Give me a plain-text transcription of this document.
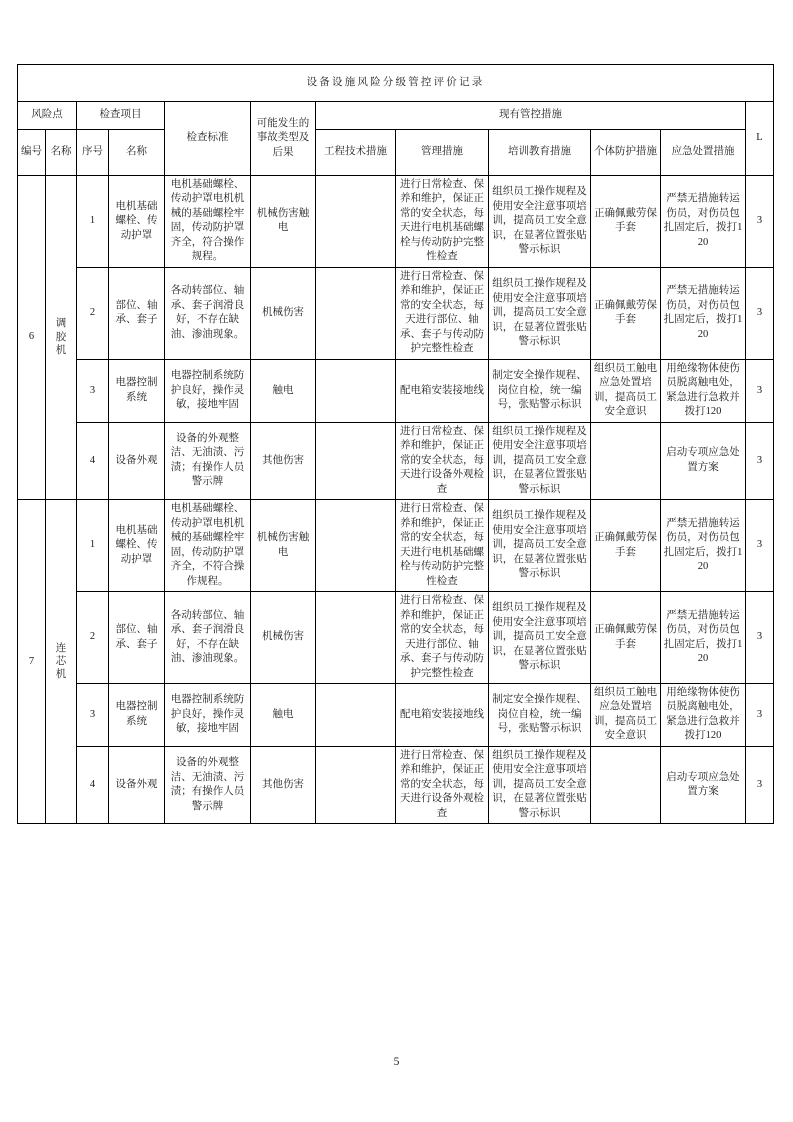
设备设施风险分级管控评价记录											
风险点		检查项目		检查标准	可能发生的事故类型及后果	现有管控措施					L
编号	名称	序号	名称			工程技术措施	管理措施	培训教育措施	个体防护措施	应急处置措施	
6	调
胶
机	1	电机基础螺栓、传动护罩	电机基础螺栓、传动护罩电机机械的基础螺栓牢固，传动防护罩齐全，符合操作规程。	机械伤害触电		进行日常检查、保养和维护，保证正常的安全状态，每天进行电机基础螺栓与传动防护完整性检查	组织员工操作规程及使用安全注意事项培训，提高员工安全意识，在显著位置张贴警示标识	正确佩戴劳保手套	严禁无措施转运伤员，对伤员包扎固定后，拨打120	3
		2	部位、轴承、套子	各动转部位、轴承、套子润滑良好，不存在缺油、渗油现象。	机械伤害		进行日常检查、保养和维护，保证正常的安全状态，每天进行部位、轴承、套子与传动防护完整性检查	组织员工操作规程及使用安全注意事项培训，提高员工安全意识，在显著位置张贴警示标识	正确佩戴劳保手套	严禁无措施转运伤员，对伤员包扎固定后，拨打120	3
		3	电器控制系统	电器控制系统防护良好，操作灵敏，接地牢固	触电		配电箱安装接地线	制定安全操作规程、岗位自检，统一编号，张贴警示标识	组织员工触电应急处置培训，提高员工安全意识	用绝缘物体使伤员脱离触电处，紧急进行急救并拨打120	3
		4	设备外观	设备的外观整洁、无油渍、污渍；有操作人员警示牌	其他伤害		进行日常检查、保养和维护，保证正常的安全状态，每天进行设备外观检查	组织员工操作规程及使用安全注意事项培训，提高员工安全意识，在显著位置张贴警示标识		启动专项应急处置方案	3
7	连
芯
机	1	电机基础螺栓、传动护罩	电机基础螺栓、传动护罩电机机械的基础螺栓牢固，传动防护罩齐全，不符合操作规程。	机械伤害触电		进行日常检查、保养和维护，保证正常的安全状态，每天进行电机基础螺栓与传动防护完整性检查	组织员工操作规程及使用安全注意事项培训，提高员工安全意识，在显著位置张贴警示标识	正确佩戴劳保手套	严禁无措施转运伤员，对伤员包扎固定后，拨打120	3
		2	部位、轴承、套子	各动转部位、轴承、套子润滑良好，不存在缺油、渗油现象。	机械伤害		进行日常检查、保养和维护，保证正常的安全状态，每天进行部位、轴承、套子与传动防护完整性检查	组织员工操作规程及使用安全注意事项培训，提高员工安全意识，在显著位置张贴警示标识	正确佩戴劳保手套	严禁无措施转运伤员，对伤员包扎固定后，拨打120	3
		3	电器控制系统	电器控制系统防护良好，操作灵敏，接地牢固	触电		配电箱安装接地线	制定安全操作规程、岗位自检，统一编号，张贴警示标识	组织员工触电应急处置培训，提高员工安全意识	用绝缘物体使伤员脱离触电处，紧急进行急救并拨打120	3
		4	设备外观	设备的外观整洁、无油渍、污渍；有操作人员警示牌	其他伤害		进行日常检查、保养和维护，保证正常的安全状态，每天进行设备外观检查	组织员工操作规程及使用安全注意事项培训，提高员工安全意识，在显著位置张贴警示标识		启动专项应急处置方案	3
5
